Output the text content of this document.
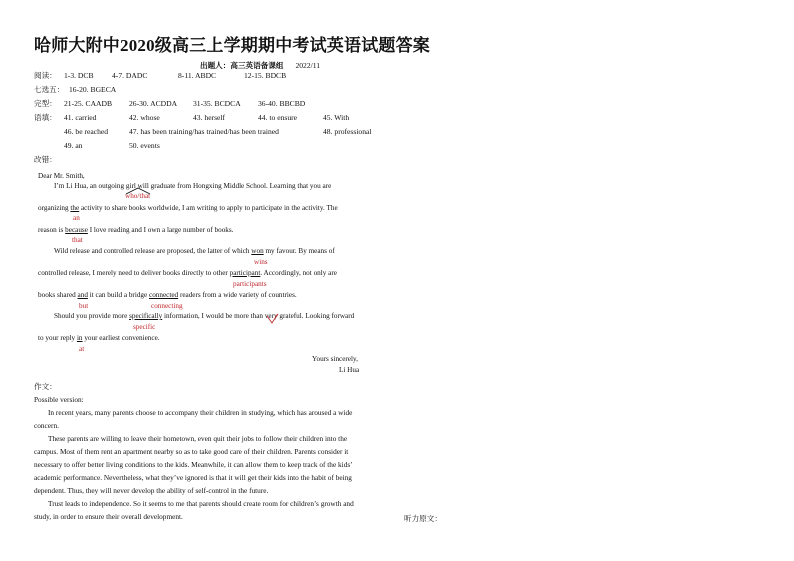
哈师大附中2020级高三上学期期中考试英语试题答案
出题人：高三英语备课组 2022/11
阅读： 1-3. DCB 4-7. DADC	8-11. ABDC	12-15. BDCB
七选五： 16-20. BGECA
完型： 21-25. CAADB 26-30. ACDDA 31-35. BCDCA 36-40. BBCBD
语填： 41. carried	42. whose	43. herself	44. to ensure	45. With
46. be reached	47. has been training/has trained/has been trained	48. professional
49. an	50. events
改错：
Dear Mr. Smith,
I’m Li Hua, an outgoing girl will graduate from Hongxing Middle School. Learning that you are
who/that
organizing the activity to share books worldwide, I am writing to apply to participate in the activity. The
an
reason is because I love reading and I own a large number of books.
that
Wild release and controlled release are proposed, the latter of which won my favour. By means of
wins
controlled release, I merely need to deliver books directly to other participant. Accordingly, not only are
participants
books shared and it can build a bridge connected readers from a wide variety of countries.
but	connecting
Should you provide more specifically information, I would be more than very grateful. Looking forward
specific
to your reply in your earliest convenience.
at
Yours sincerely,
Li Hua
作文：
Possible version:
In recent years, many parents choose to accompany their children in studying, which has aroused a wide
concern.
These parents are willing to leave their hometown, even quit their jobs to follow their children into the
campus. Most of them rent an apartment nearby so as to take good care of their children. Parents consider it
necessary to offer better living conditions to the kids. Meanwhile, it can allow them to keep track of the kids’
academic performance. Nevertheless, what they’ve ignored is that it will get their kids into the habit of being
dependent. Thus, they will never develop the ability of self-control in the future.
Trust leads to independence. So it seems to me that parents should create room for children’s growth and
study, in order to ensure their overall development.	听力原文：
